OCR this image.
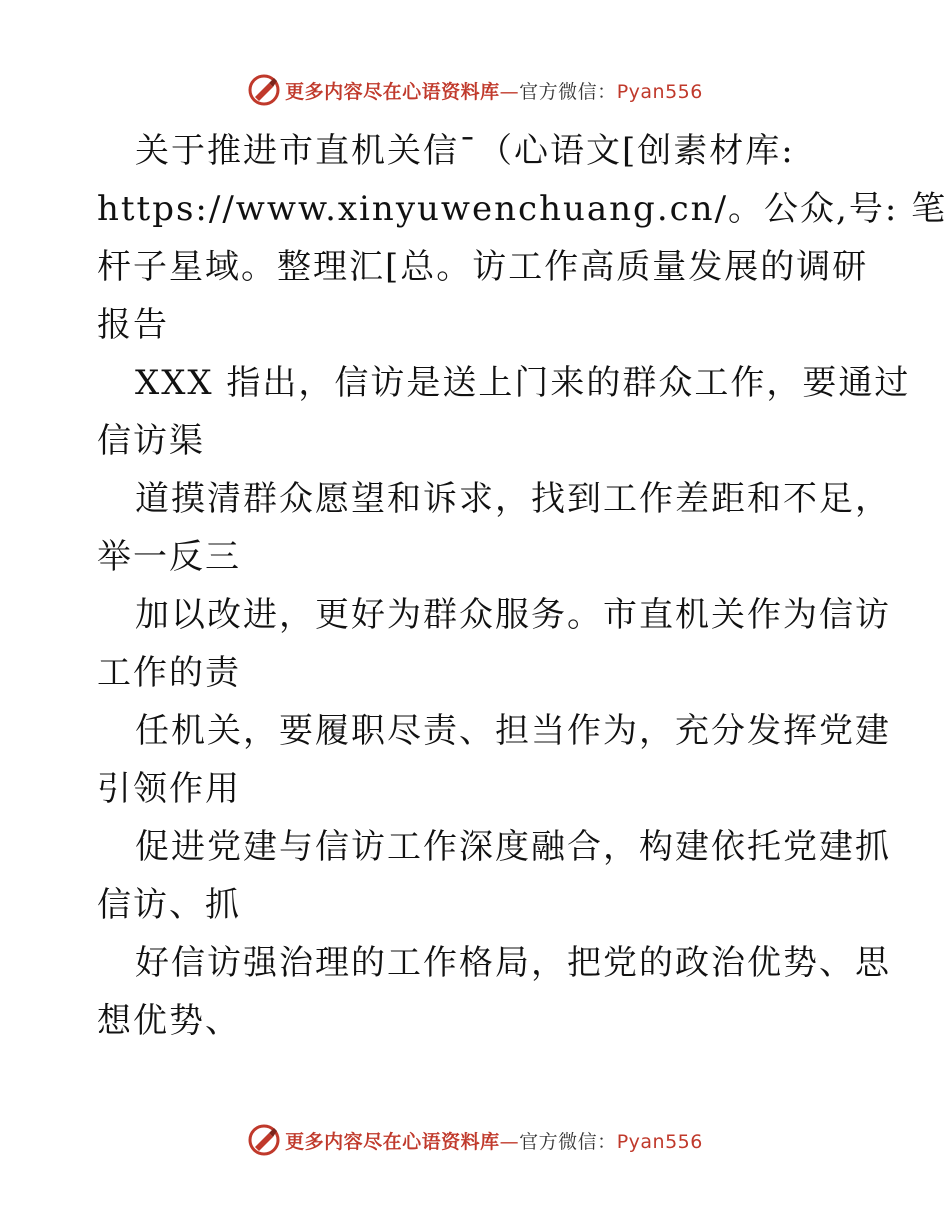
更多内容尽在心语资料库—官方微信：Pyan556
关于推进市直机关信¯（心语文[创素材库:
https://www.xinyuwenchuang.cn/。公众,号: 笔
杆子星域。整理汇[总。访工作高质量发展的调研
报告
XXX 指出，信访是送上门来的群众工作，要通过
信访渠
道摸清群众愿望和诉求，找到工作差距和不足，
举一反三
加以改进，更好为群众服务。市直机关作为信访
工作的责
任机关，要履职尽责、担当作为，充分发挥党建
引领作用
促进党建与信访工作深度融合，构建依托党建抓
信访、抓
好信访强治理的工作格局，把党的政治优势、思
想优势、
更多内容尽在心语资料库—官方微信：Pyan556
